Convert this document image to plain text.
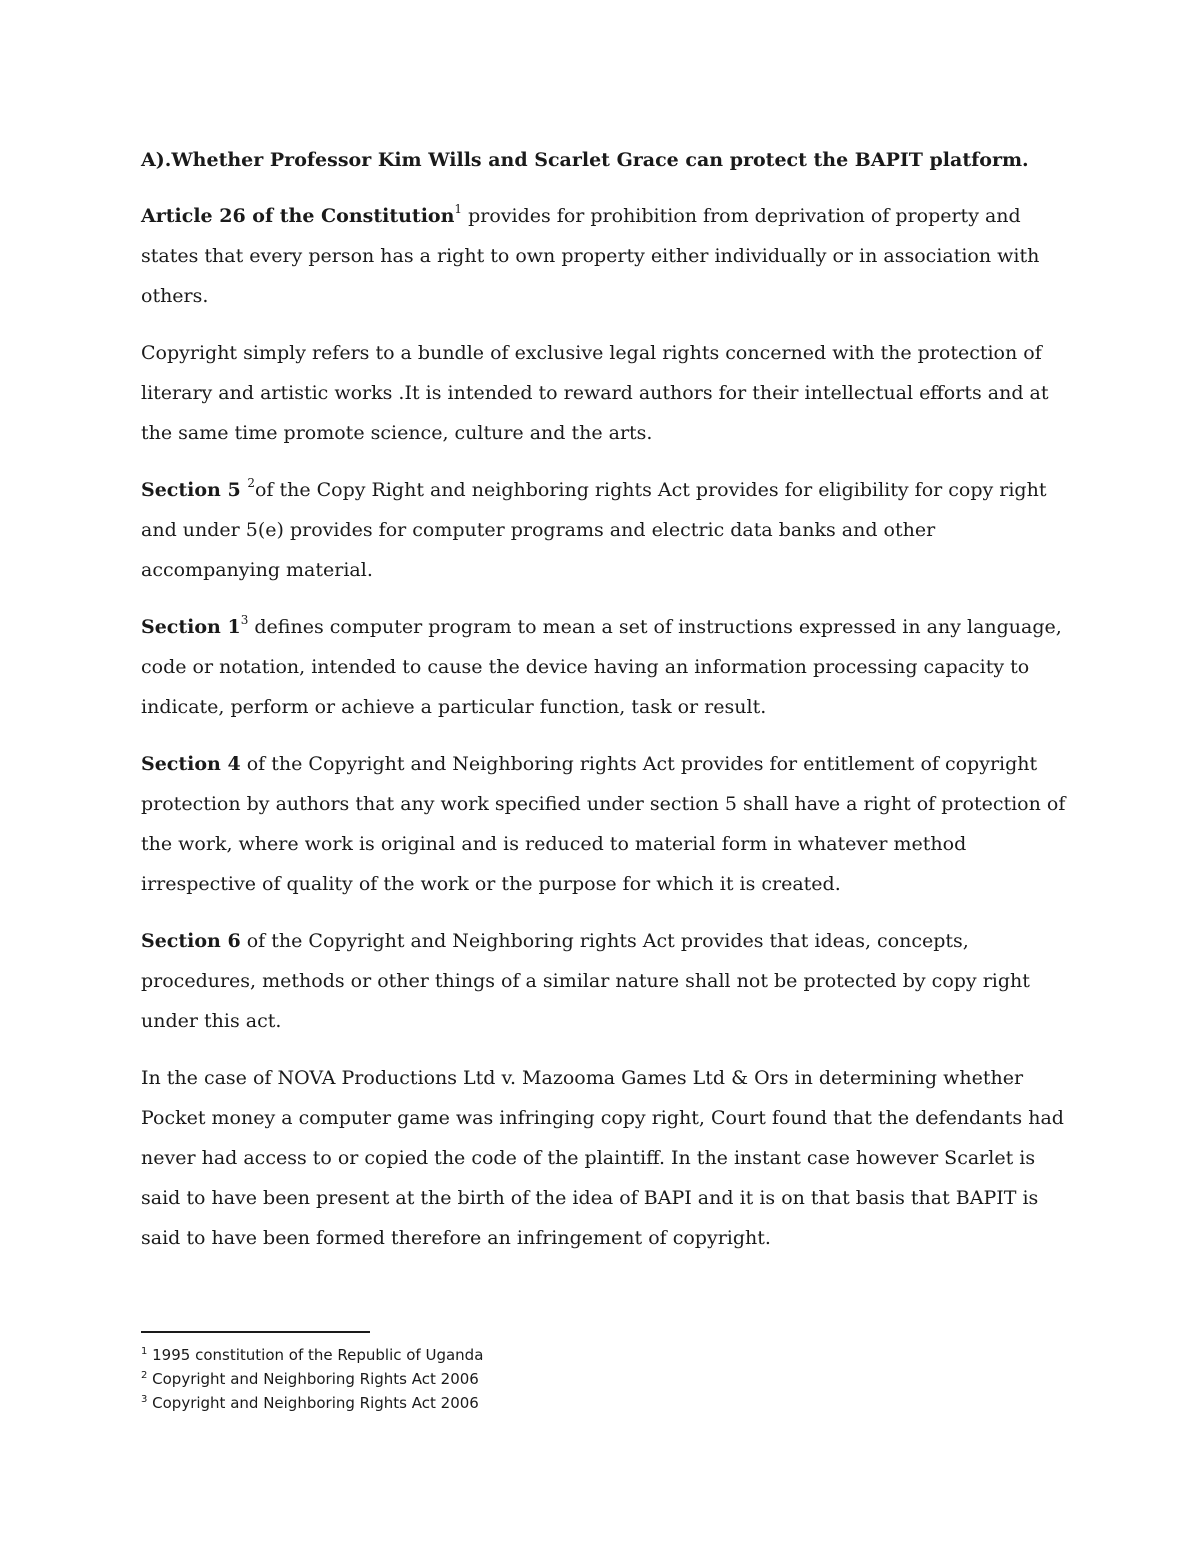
A).Whether Professor Kim Wills and Scarlet Grace can protect the BAPIT platform.

Article 26 of the Constitution$^1$ provides for prohibition from deprivation of property and states that every person has a right to own property either individually or in association with others.

Copyright simply refers to a bundle of exclusive legal rights concerned with the protection of literary and artistic works .It is intended to reward authors for their intellectual efforts and at the same time promote science, culture and the arts.

Section 5 $^2$of the Copy Right and neighboring rights Act provides for eligibility for copy right and under 5(e) provides for computer programs and electric data banks and other accompanying material.

Section $1^3$ defines computer program to mean a set of instructions expressed in any language, code or notation, intended to cause the device having an information processing capacity to indicate, perform or achieve a particular function, task or result.

Section 4 of the Copyright and Neighboring rights Act provides for entitlement of copyright protection by authors that any work specified under section 5 shall have a right of protection of the work, where work is original and is reduced to material form in whatever method irrespective of quality of the work or the purpose for which it is created.

Section 6 of the Copyright and Neighboring rights Act provides that ideas, concepts, procedures, methods or other things of a similar nature shall not be protected by copy right under this act.

In the case of NOVA Productions Ltd v. Mazooma Games Ltd & Ors in determining whether Pocket money a computer game was infringing copy right, Court found that the defendants had never had access to or copied the code of the plaintiff. In the instant case however Scarlet is said to have been present at the birth of the idea of BAPI and it is on that basis that BAPIT is said to have been formed therefore an infringement of copyright.

$^1$ 1995 constitution of the Republic of Uganda
$^2$ Copyright and Neighboring Rights Act 2006
$^3$ Copyright and Neighboring Rights Act 2006
